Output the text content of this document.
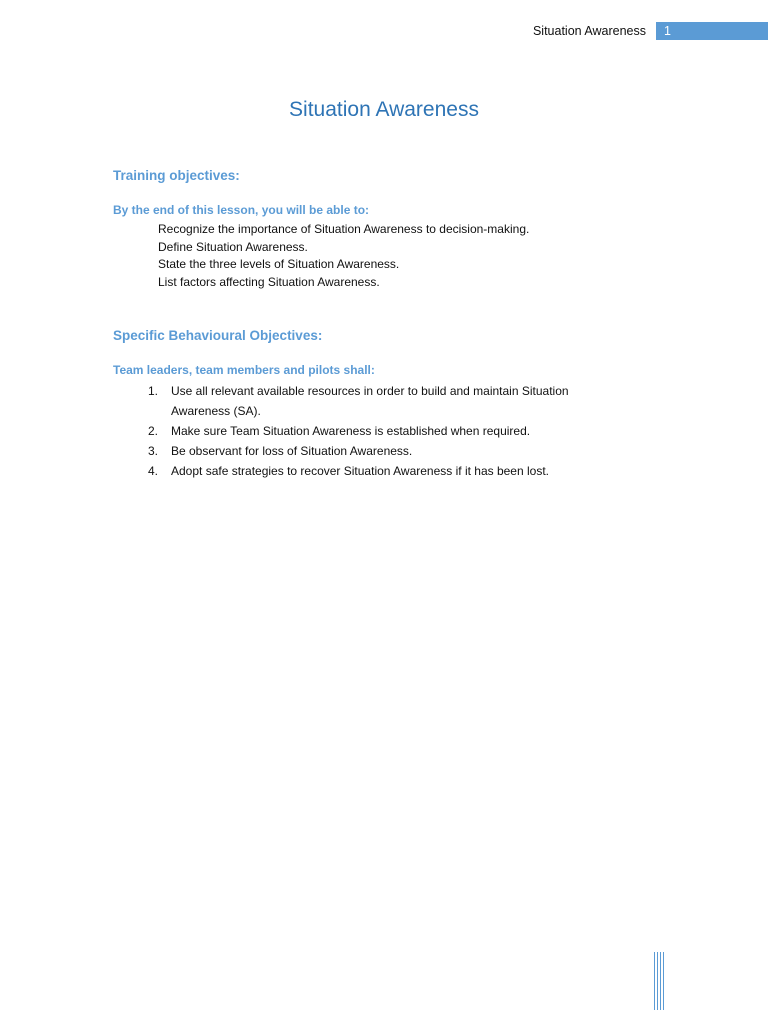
Situation Awareness 1
Situation Awareness
Training objectives:
By the end of this lesson, you will be able to:
Recognize the importance of Situation Awareness to decision-making.
Define Situation Awareness.
State the three levels of Situation Awareness.
List factors affecting Situation Awareness.
Specific Behavioural Objectives:
Team leaders, team members and pilots shall:
1. Use all relevant available resources in order to build and maintain Situation Awareness (SA).
2. Make sure Team Situation Awareness is established when required.
3. Be observant for loss of Situation Awareness.
4. Adopt safe strategies to recover Situation Awareness if it has been lost.
